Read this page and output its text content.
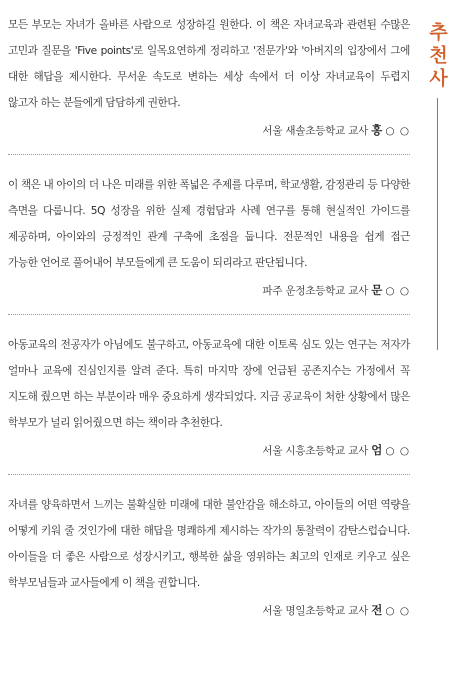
모든 부모는 자녀가 올바른 사람으로 성장하길 원한다. 이 책은 자녀교육과 관련된 수많은 고민과 질문을 'Five points'로 일목요연하게 정리하고 '전문가'와 '아버지의 입장에서 그에 대한 해답을 제시한다. 무서운 속도로 변하는 세상 속에서 더 이상 자녀교육이 두렵지 않고자 하는 분들에게 담담하게 권한다.

서울 새솔초등학교 교사 홍 ○ ○

이 책은 내 아이의 더 나은 미래를 위한 폭넓은 주제를 다루며, 학교생활, 감정관리 등 다양한 측면을 다룹니다. 5Q 성장을 위한 실제 경험담과 사례 연구를 통해 현실적인 가이드를 제공하며, 아이와의 긍정적인 관계 구축에 초점을 둡니다. 전문적인 내용을 쉽게 접근 가능한 언어로 풀어내어 부모들에게 큰 도움이 되리라고 판단됩니다.

파주 운정초등학교 교사 문 ○ ○

아동교육의 전공자가 아님에도 불구하고, 아동교육에 대한 이토록 심도 있는 연구는 저자가 얼마나 교육에 진심인지를 알려 준다. 특히 마지막 장에 언급된 공존지수는 가정에서 꼭 지도해 줬으면 하는 부분이라 매우 중요하게 생각되었다. 지금 공교육이 처한 상황에서 많은 학부모가 널리 읽어줬으면 하는 책이라 추천한다.

서울 시흥초등학교 교사 엄 ○ ○

자녀를 양육하면서 느끼는 불확실한 미래에 대한 불안감을 해소하고, 아이들의 어떤 역량을 어떻게 키워 줄 것인가에 대한 해답을 명쾌하게 제시하는 작가의 통찰력이 감탄스럽습니다. 아이들을 더 좋은 사람으로 성장시키고, 행복한 삶을 영위하는 최고의 인재로 키우고 싶은 학부모님들과 교사들에게 이 책을 권합니다.

서울 명일초등학교 교사 전 ○ ○
추천사
